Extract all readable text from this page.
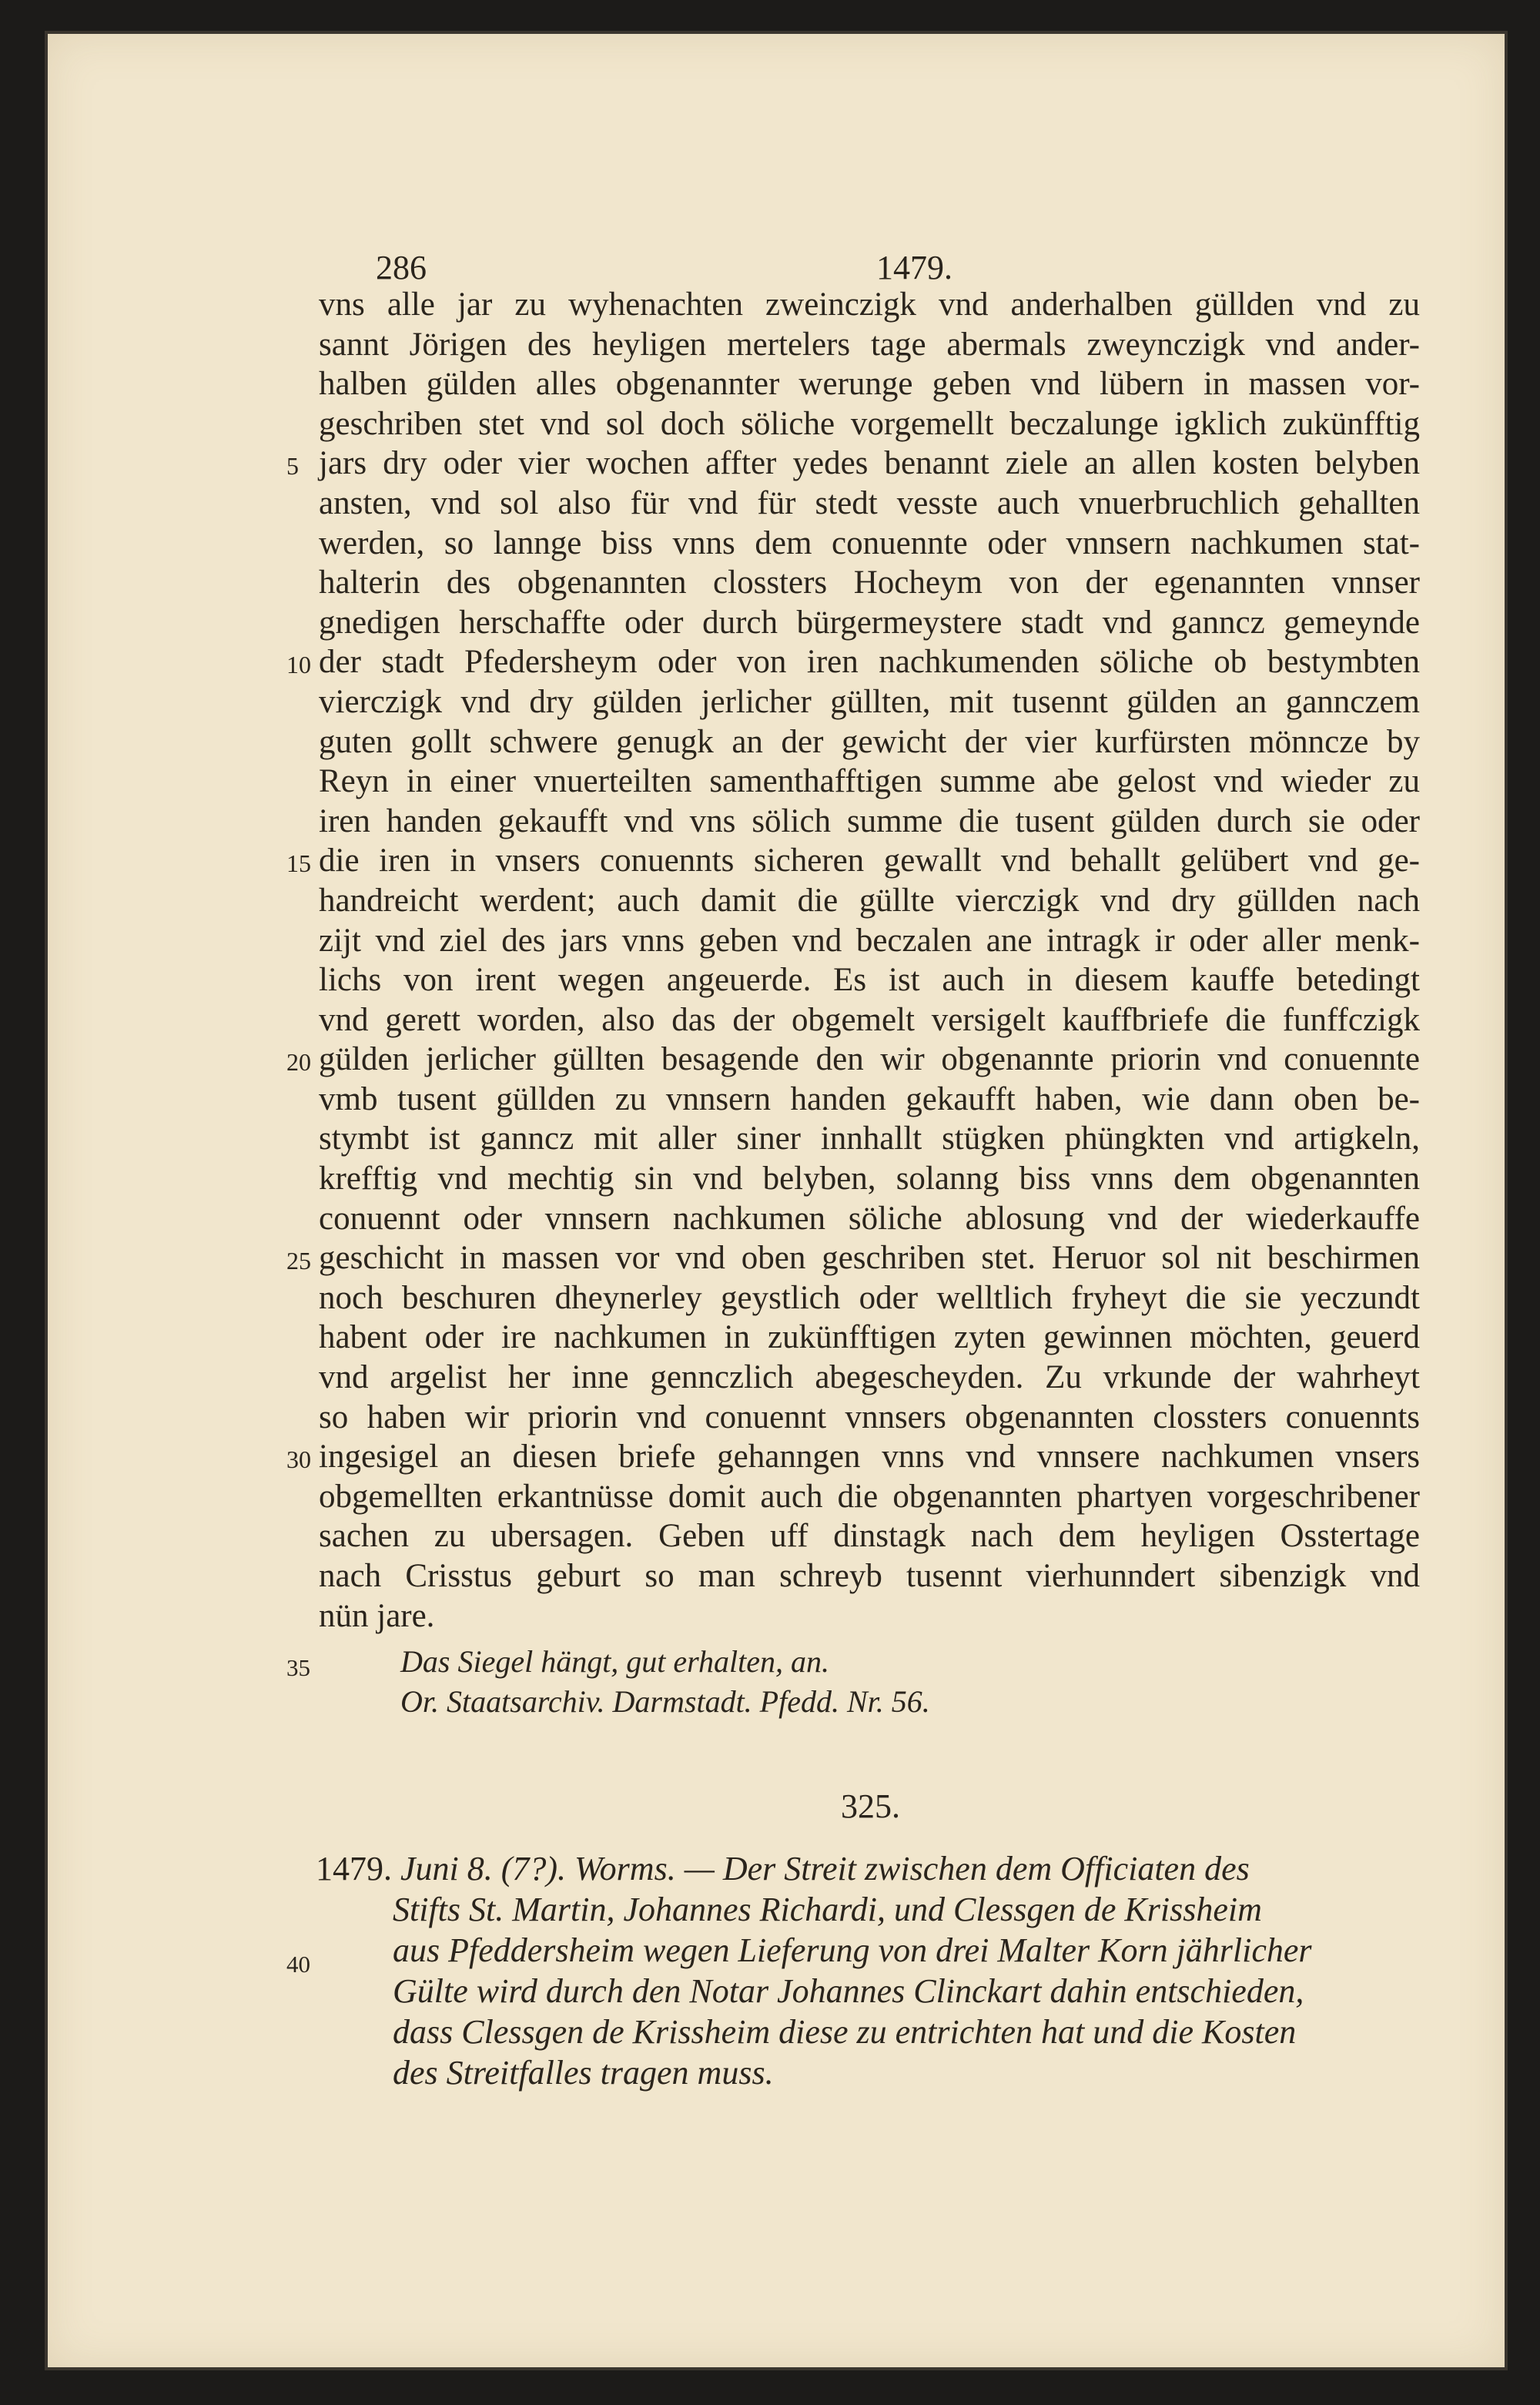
286	1479.
vns alle jar zu wyhenachten zweinczigk vnd anderhalben güllden vnd zu
sannt Jörigen des heyligen mertelers tage abermals zweynczigk vnd ander-
halben gülden alles obgenannter werunge geben vnd lübern in massen vor-
geschriben stet vnd sol doch söliche vorgemellt beczalunge igklich zukünfftig
5 jars dry oder vier wochen affter yedes benannt ziele an allen kosten belyben
ansten, vnd sol also für vnd für stedt vesste auch vnuerbruchlich gehallten
werden, so lannge biss vnns dem conuennte oder vnnsern nachkumen stat-
halterin des obgenannten clossters Hocheym von der egenannten vnnser
gnedigen herschaffte oder durch bürgermeystere stadt vnd ganncz gemeynde
10 der stadt Pfedersheym oder von iren nachkumenden söliche ob bestymbten
vierczigk vnd dry gülden jerlicher güllten, mit tusennt gülden an gannczem
guten gollt schwere genugk an der gewicht der vier kurfürsten mönncze by
Reyn in einer vnuerteilten samenthafftigen summe abe gelost vnd wieder zu
iren handen gekaufft vnd vns sölich summe die tusent gülden durch sie oder
15 die iren in vnsers conuennts sicheren gewallt vnd behallt gelübert vnd ge-
handreicht werdent; auch damit die güllte vierczigk vnd dry güllden nach
zijt vnd ziel des jars vnns geben vnd beczalen ane intragk ir oder aller menk-
lichs von irent wegen angeuerde. Es ist auch in diesem kauffe betedingt
vnd gerett worden, also das der obgemelt versigelt kauffbriefe die funffczigk
20 gülden jerlicher güllten besagende den wir obgenannte priorin vnd conuennte
vmb tusent güllden zu vnnsern handen gekaufft haben, wie dann oben be-
stymbt ist ganncz mit aller siner innhallt stügken phüngkten vnd artigkeln,
krefftig vnd mechtig sin vnd belyben, solanng biss vnns dem obgenannten
conuennt oder vnnsern nachkumen söliche ablosung vnd der wiederkauffe
25 geschicht in massen vor vnd oben geschriben stet. Heruor sol nit beschirmen
noch beschuren dheynerley geystlich oder welltlich fryheyt die sie yeczundt
habent oder ire nachkumen in zukünfftigen zyten gewinnen möchten, geuerd
vnd argelist her inne gennczlich abegescheyden. Zu vrkunde der wahrheyt
so haben wir priorin vnd conuennt vnnsers obgenannten clossters conuennts
30 ingesigel an diesen briefe gehanngen vnns vnd vnnsere nachkumen vnsers
obgemellten erkantnüsse domit auch die obgenannten phartyen vorgeschribener
sachen zu ubersagen. Geben uff dinstagk nach dem heyligen Osstertage
nach Crisstus geburt so man schreyb tusennt vierhunndert sibenzigk vnd
nün jare.
35	Das Siegel hängt, gut erhalten, an.
Or. Staatsarchiv. Darmstadt. Pfedd. Nr. 56.
325.
40
1479. Juni 8. (7?). Worms. — Der Streit zwischen dem Officiaten des
Stifts St. Martin, Johannes Richardi, und Clessgen de Krissheim
aus Pfeddersheim wegen Lieferung von drei Malter Korn jährlicher
Gülte wird durch den Notar Johannes Clinckart dahin entschieden,
dass Clessgen de Krissheim diese zu entrichten hat und die Kosten
des Streitfalles tragen muss.
